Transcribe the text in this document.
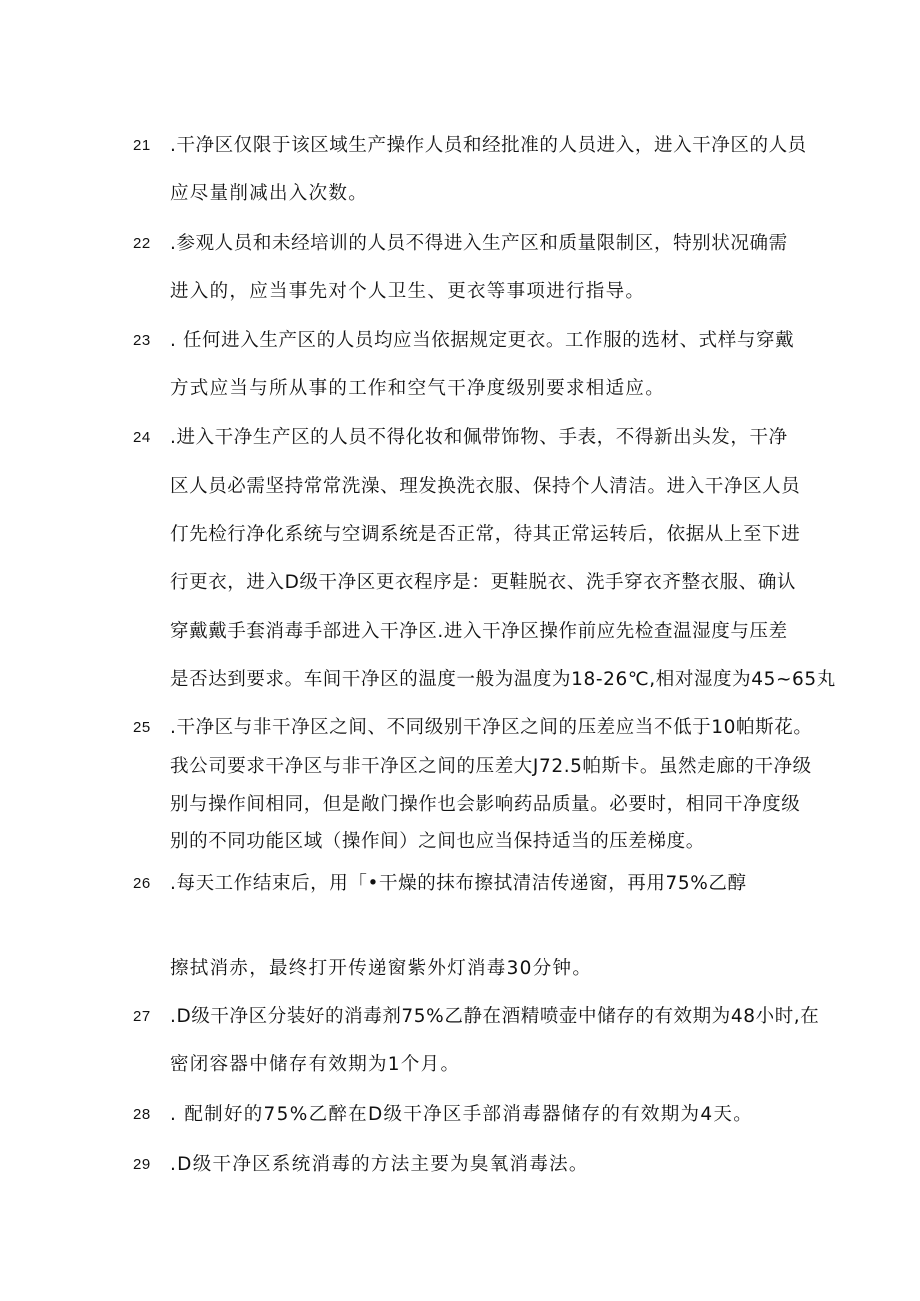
21 .干净区仅限于该区域生产操作人员和经批准的人员进入，进入干净区的人员
应尽量削减出入次数。
22 .参观人员和未经培训的人员不得进入生产区和质量限制区，特别状况确需
进入的，应当事先对个人卫生、更衣等事项进行指导。
23 . 任何进入生产区的人员均应当依据规定更衣。工作服的选材、式样与穿戴
方式应当与所从事的工作和空气干净度级别要求相适应。
24 .进入干净生产区的人员不得化妆和佩带饰物、手表，不得新出头发，干净
区人员必需坚持常常洗澡、理发换洗衣服、保持个人清洁。进入干净区人员
仃先检行净化系统与空调系统是否正常，待其正常运转后，依据从上至下进
行更衣，进入D级干净区更衣程序是：更鞋脱衣、洗手穿衣齐整衣服、确认
穿戴戴手套消毒手部进入干净区.进入干净区操作前应先检查温湿度与压差
是否达到要求。车间干净区的温度一般为温度为18-26℃,相对湿度为45~65丸
25 .干净区与非干净区之间、不同级别干净区之间的压差应当不低于10帕斯花。
我公司要求干净区与非干净区之间的压差大J72.5帕斯卡。虽然走廊的干净级
别与操作间相同，但是敞门操作也会影响药品质量。必要时，相同干净度级
别的不同功能区域（操作间）之间也应当保持适当的压差梯度。
26 .每天工作结束后，用「•干燥的抹布擦拭清洁传递窗，再用75%乙醇
擦拭消赤，最终打开传递窗紫外灯消毒30分钟。
27 .D级干净区分装好的消毒剂75%乙静在酒精喷壶中储存的有效期为48小时,在
密闭容器中储存有效期为1个月。
28 . 配制好的75%乙醉在D级干净区手部消毒器储存的有效期为4天。
29 .D级干净区系统消毒的方法主要为臭氧消毒法。
